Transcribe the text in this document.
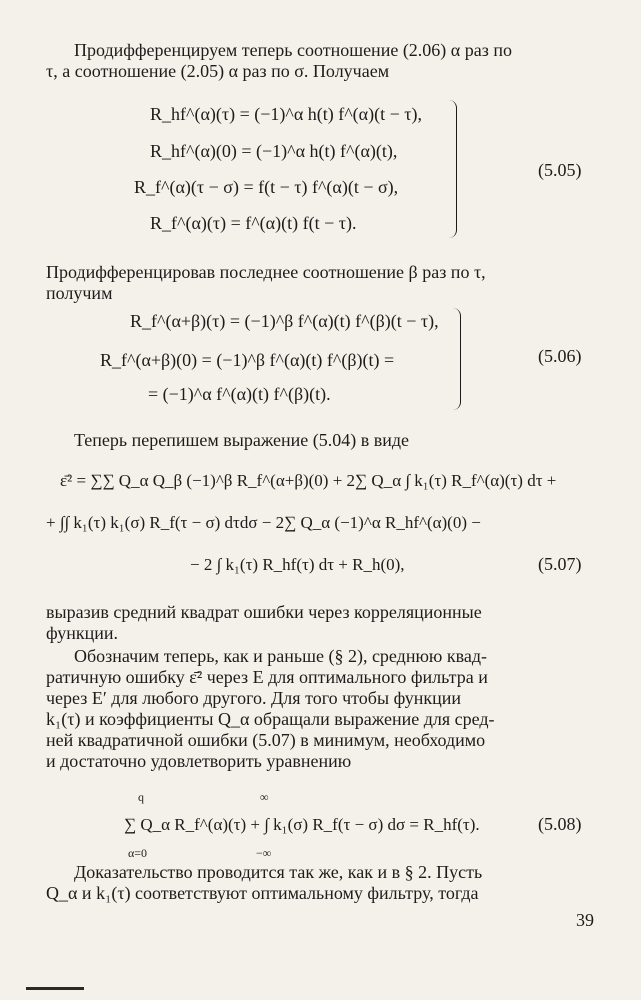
Продифференцируем теперь соотношение (2.06) α раз по
τ, а соотношение (2.05) α раз по σ. Получаем
R_hf^(α)(τ) = (−1)^α h(t) f^(α)(t − τ),
R_hf^(α)(0) = (−1)^α h(t) f^(α)(t),
R_f^(α)(τ − σ) = f(t − τ) f^(α)(t − σ),
R_f^(α)(τ) = f^(α)(t) f(t − τ).
(5.05)
Продифференцировав последнее соотношение β раз по τ,
получим
R_f^(α+β)(τ) = (−1)^β f^(α)(t) f^(β)(t − τ),
R_f^(α+β)(0) = (−1)^β f^(α)(t) f^(β)(t) =
= (−1)^α f^(α)(t) f^(β)(t).
(5.06)
Теперь перепишем выражение (5.04) в виде
ε̄² = ∑∑ Q_α Q_β (−1)^β R_f^(α+β)(0) + 2∑ Q_α ∫ k₁(τ) R_f^(α)(τ) dτ +
+ ∫∫ k₁(τ) k₁(σ) R_f(τ − σ) dτdσ − 2∑ Q_α (−1)^α R_hf^(α)(0) −
− 2 ∫ k₁(τ) R_hf(τ) dτ + R_h(0),	(5.07)
выразив средний квадрат ошибки через корреляционные
функции.
Обозначим теперь, как и раньше (§ 2), среднюю квад-
ратичную ошибку ε̄² через E для оптимального фильтра и
через E′ для любого другого. Для того чтобы функции
k₁(τ) и коэффициенты Q_α обращали выражение для сред-
ней квадратичной ошибки (5.07) в минимум, необходимо
и достаточно удовлетворить уравнению
q	∞
∑ Q_α R_f^(α)(τ) + ∫ k₁(σ) R_f(τ − σ) dσ = R_hf(τ).
α=0	−∞
(5.08)
Доказательство проводится так же, как и в § 2. Пусть
Q_α и k₁(τ) соответствуют оптимальному фильтру, тогда
39
